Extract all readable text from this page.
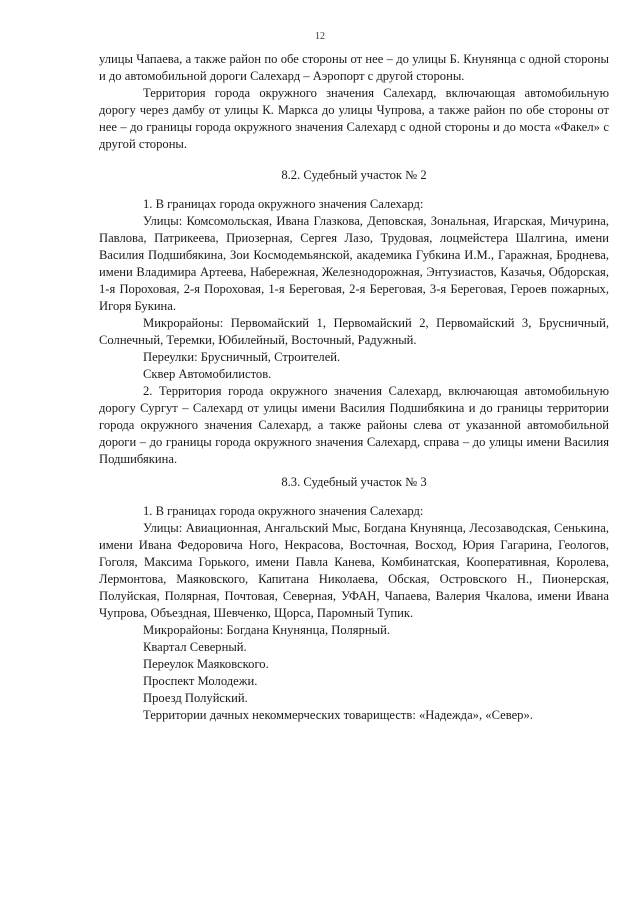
12

улицы Чапаева, а также район по обе стороны от нее – до улицы Б. Кнунянца с одной стороны и до автомобильной дороги Салехард – Аэропорт с другой стороны.

Территория города окружного значения Салехард, включающая автомобильную дорогу через дамбу от улицы К. Маркса до улицы Чупрова, а также район по обе стороны от нее – до границы города окружного значения Салехард с одной стороны и до моста «Факел» с другой стороны.

8.2. Судебный участок № 2

1. В границах города окружного значения Салехард:

Улицы: Комсомольская, Ивана Глазкова, Деповская, Зональная, Игарская, Мичурина, Павлова, Патрикеева, Приозерная, Сергея Лазо, Трудовая, лоцмейстера Шалгина, имени Василия Подшибякина, Зои Космодемьянской, академика Губкина И.М., Гаражная, Броднева, имени Владимира Артеева, Набережная, Железнодорожная, Энтузиастов, Казачья, Обдорская, 1-я Пороховая, 2-я Пороховая, 1-я Береговая, 2-я Береговая, 3-я Береговая, Героев пожарных, Игоря Букина.

Микрорайоны: Первомайский 1, Первомайский 2, Первомайский 3, Брусничный, Солнечный, Теремки, Юбилейный, Восточный, Радужный.

Переулки: Брусничный, Строителей.

Сквер Автомобилистов.

2. Территория города окружного значения Салехард, включающая автомобильную дорогу Сургут – Салехард от улицы имени Василия Подшибякина и до границы территории города окружного значения Салехард, а также районы слева от указанной автомобильной дороги – до границы города окружного значения Салехард, справа – до улицы имени Василия Подшибякина.

8.3. Судебный участок № 3

1. В границах города окружного значения Салехард:

Улицы: Авиационная, Ангальский Мыс, Богдана Кнунянца, Лесозаводская, Сенькина, имени Ивана Федоровича Ного, Некрасова, Восточная, Восход, Юрия Гагарина, Геологов, Гоголя, Максима Горького, имени Павла Канева, Комбинатская, Кооперативная, Королева, Лермонтова, Маяковского, Капитана Николаева, Обская, Островского Н., Пионерская, Полуйская, Полярная, Почтовая, Северная, УФАН, Чапаева, Валерия Чкалова, имени Ивана Чупрова, Объездная, Шевченко, Щорса, Паромный Тупик.

Микрорайоны: Богдана Кнунянца, Полярный.

Квартал Северный.

Переулок Маяковского.

Проспект Молодежи.

Проезд Полуйский.

Территории дачных некоммерческих товариществ: «Надежда», «Север».
